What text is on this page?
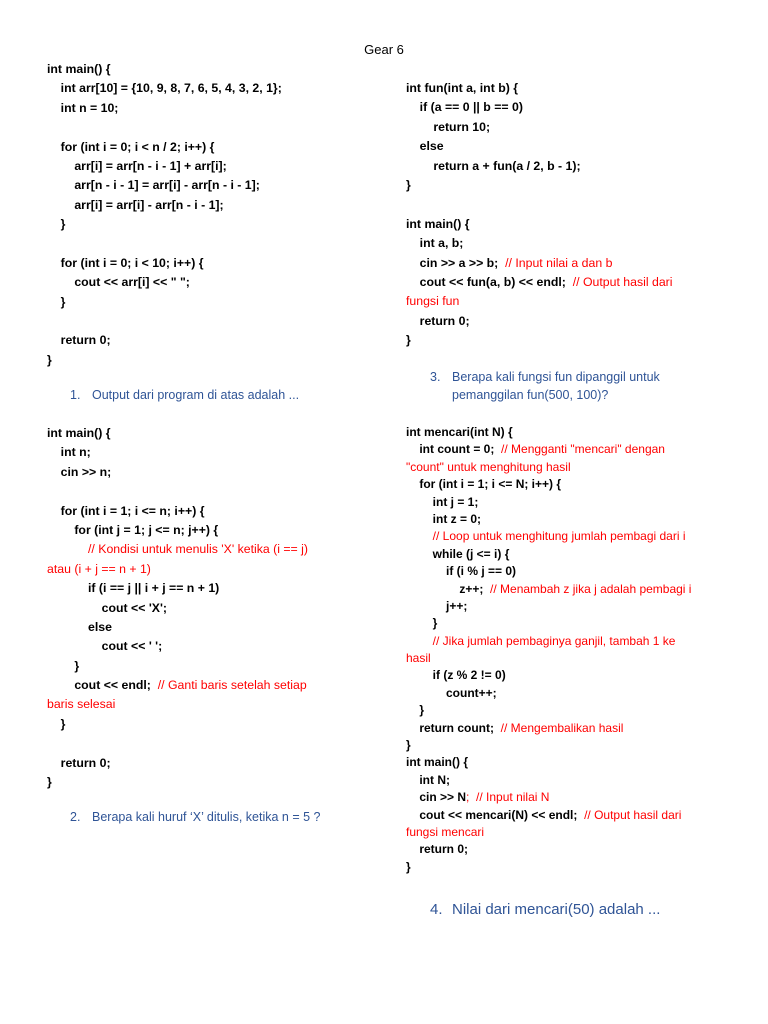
Gear 6
int main() {
int arr[10] = {10, 9, 8, 7, 6, 5, 4, 3, 2, 1};
int n = 10;
for (int i = 0; i < n / 2; i++) {
arr[i] = arr[n - i - 1] + arr[i];
arr[n - i - 1] = arr[i] - arr[n - i - 1];
arr[i] = arr[i] - arr[n - i - 1];
}
for (int i = 0; i < 10; i++) {
cout << arr[i] << " ";
}
return 0;
}
1. Output dari program di atas adalah ...
int main() {
int n;
cin >> n;
for (int i = 1; i <= n; i++) {
for (int j = 1; j <= n; j++) {
// Kondisi untuk menulis 'X' ketika (i == j)
atau (i + j == n + 1)
if (i == j || i + j == n + 1)
cout << 'X';
else
cout << ' ';
}
cout << endl;  // Ganti baris setelah setiap
baris selesai
}
return 0;
}
2. Berapa kali huruf ‘X’ ditulis, ketika n = 5 ?
int fun(int a, int b) {
if (a == 0 || b == 0)
return 10;
else
return a + fun(a / 2, b - 1);
}
int main() {
int a, b;
cin >> a >> b;  // Input nilai a dan b
cout << fun(a, b) << endl;  // Output hasil dari
fungsi fun
return 0;
}
3. Berapa kali fungsi fun dipanggil untuk
pemanggilan fun(500, 100)?
int mencari(int N) {
int count = 0;  // Mengganti "mencari" dengan
"count" untuk menghitung hasil
for (int i = 1; i <= N; i++) {
int j = 1;
int z = 0;
// Loop untuk menghitung jumlah pembagi dari i
while (j <= i) {
if (i % j == 0)
z++;  // Menambah z jika j adalah pembagi i
j++;
}
// Jika jumlah pembaginya ganjil, tambah 1 ke
hasil
if (z % 2 != 0)
count++;
}
return count;  // Mengembalikan hasil
}
int main() {
int N;
cin >> N;  // Input nilai N
cout << mencari(N) << endl;  // Output hasil dari
fungsi mencari
return 0;
}
4. Nilai dari mencari(50) adalah ...
